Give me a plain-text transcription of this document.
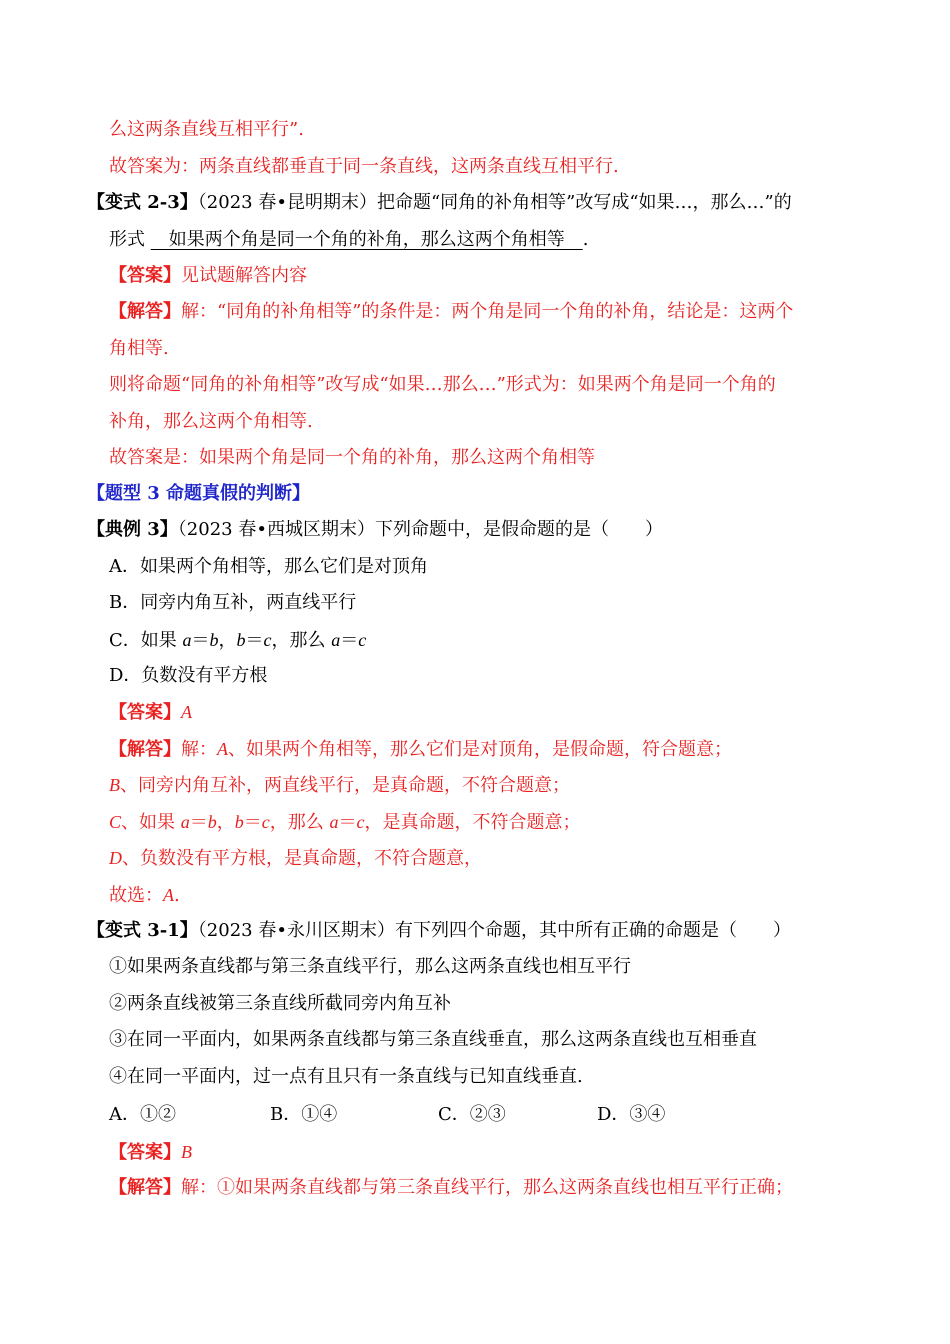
么这两条直线互相平行”.
故答案为：两条直线都垂直于同一条直线，这两条直线互相平行.
【变式 2-3】（2023 春•昆明期末）把命题“同角的补角相等”改写成“如果…，那么…”的
形式 　如果两个角是同一个角的补角，那么这两个角相等　.
【答案】见试题解答内容
【解答】解：“同角的补角相等”的条件是：两个角是同一个角的补角，结论是：这两个
角相等.
则将命题“同角的补角相等”改写成“如果…那么…”形式为：如果两个角是同一个角的
补角，那么这两个角相等.
故答案是：如果两个角是同一个角的补角，那么这两个角相等
【题型 3 命题真假的判断】
【典例 3】（2023 春•西城区期末）下列命题中，是假命题的是（　　）
A．如果两个角相等，那么它们是对顶角
B．同旁内角互补，两直线平行
C．如果 a＝b，b＝c，那么 a＝c
D．负数没有平方根
【答案】A
【解答】解：A、如果两个角相等，那么它们是对顶角，是假命题，符合题意；
B、同旁内角互补，两直线平行，是真命题，不符合题意；
C、如果 a＝b，b＝c，那么 a＝c，是真命题，不符合题意；
D、负数没有平方根，是真命题，不符合题意，
故选：A.
【变式 3-1】（2023 春•永川区期末）有下列四个命题，其中所有正确的命题是（　　）
①如果两条直线都与第三条直线平行，那么这两条直线也相互平行
②两条直线被第三条直线所截同旁内角互补
③在同一平面内，如果两条直线都与第三条直线垂直，那么这两条直线也互相垂直
④在同一平面内，过一点有且只有一条直线与已知直线垂直.
A．①②	B．①④	C．②③	D．③④
【答案】B
【解答】解：①如果两条直线都与第三条直线平行，那么这两条直线也相互平行正确；
